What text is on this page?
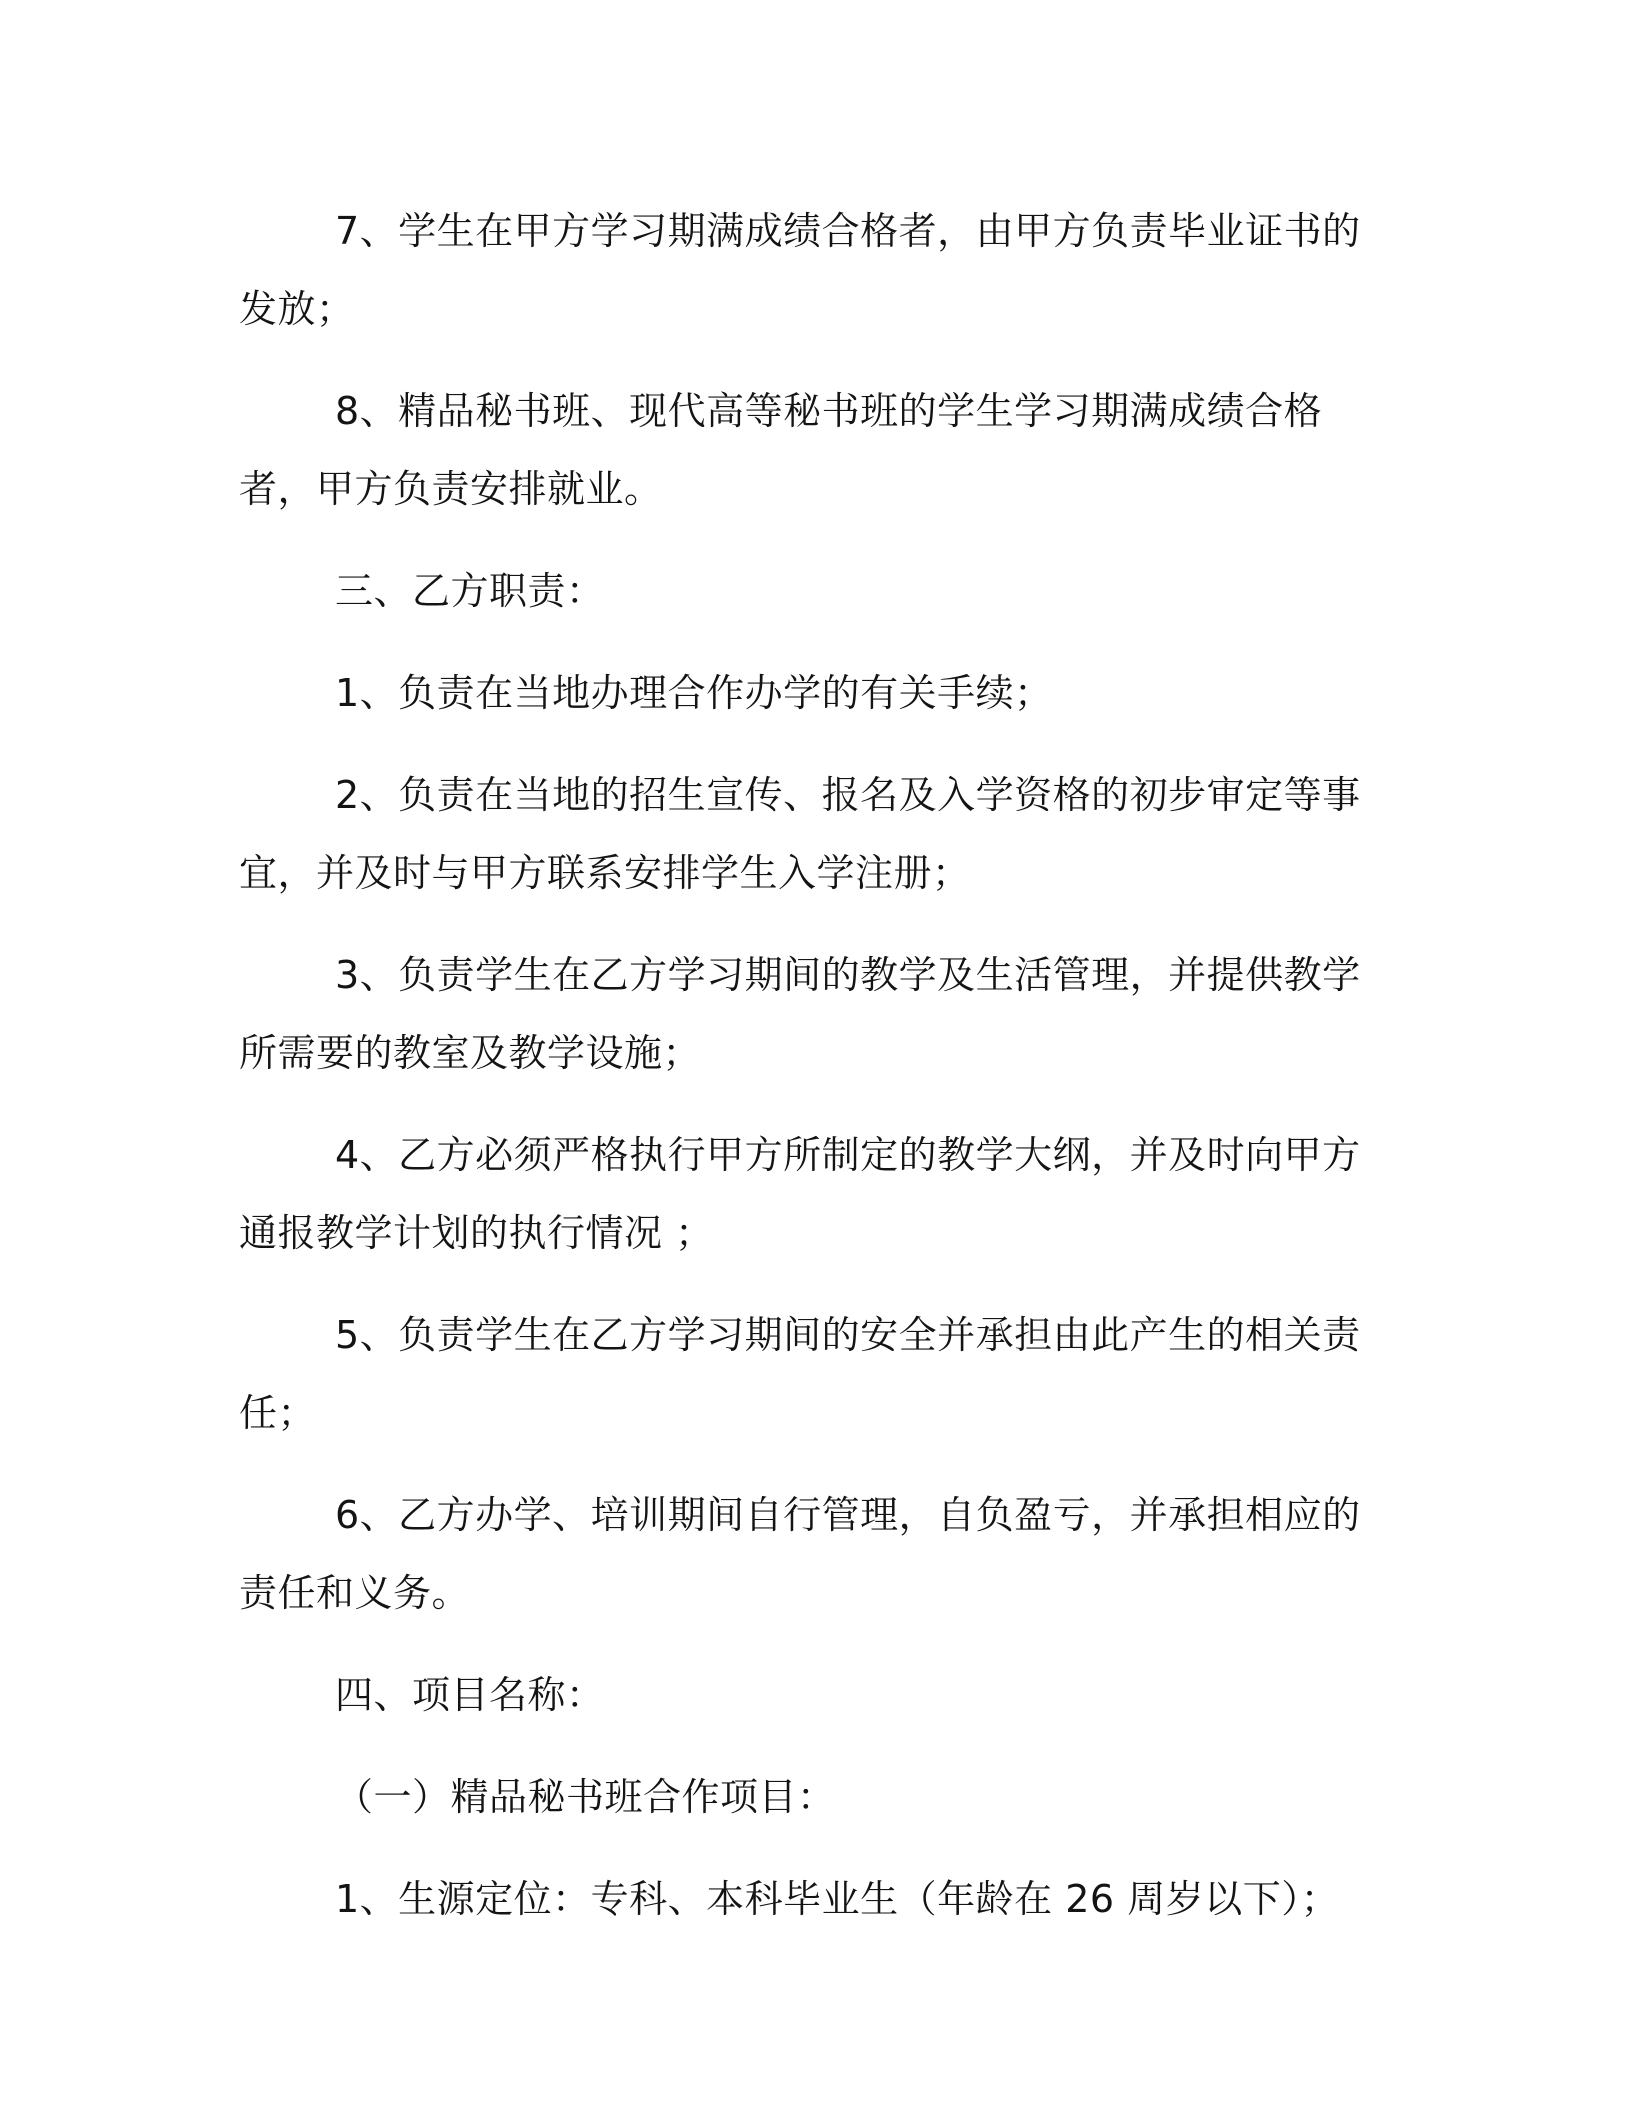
7、学生在甲方学习期满成绩合格者，由甲方负责毕业证书的发放；

8、精品秘书班、现代高等秘书班的学生学习期满成绩合格者，甲方负责安排就业。

三、乙方职责：

1、负责在当地办理合作办学的有关手续；

2、负责在当地的招生宣传、报名及入学资格的初步审定等事宜，并及时与甲方联系安排学生入学注册；

3、负责学生在乙方学习期间的教学及生活管理，并提供教学所需要的教室及教学设施；

4、乙方必须严格执行甲方所制定的教学大纲，并及时向甲方通报教学计划的执行情况 ；

5、负责学生在乙方学习期间的安全并承担由此产生的相关责任；

6、乙方办学、培训期间自行管理，自负盈亏，并承担相应的责任和义务。

四、项目名称：

（一）精品秘书班合作项目：

1、生源定位：专科、本科毕业生（年龄在 26 周岁以下）；
